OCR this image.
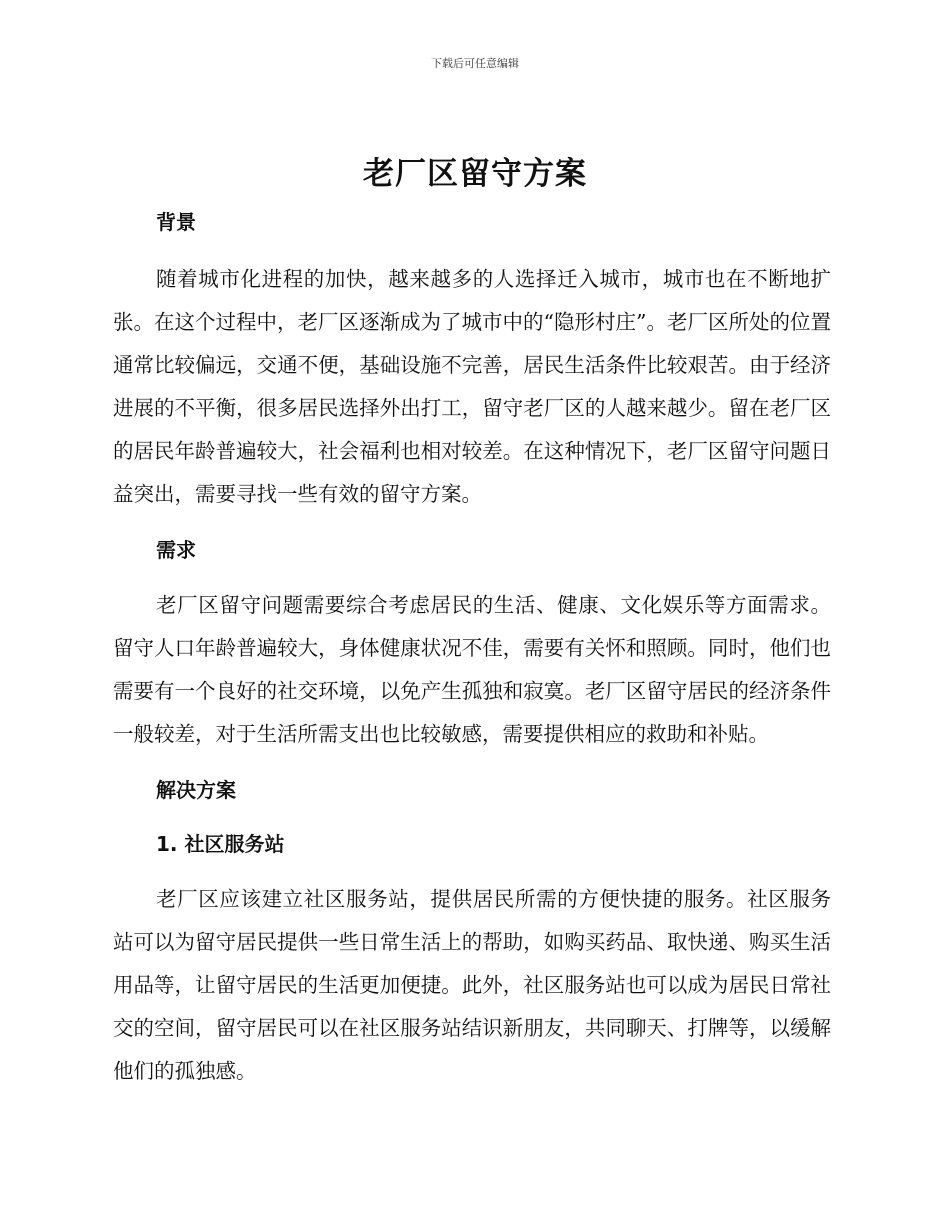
下载后可任意编辑
老厂区留守方案

背景

随着城市化进程的加快，越来越多的人选择迁入城市，城市也在不断地扩张。在这个过程中，老厂区逐渐成为了城市中的“隐形村庄”。老厂区所处的位置通常比较偏远，交通不便，基础设施不完善，居民生活条件比较艰苦。由于经济进展的不平衡，很多居民选择外出打工，留守老厂区的人越来越少。留在老厂区的居民年龄普遍较大，社会福利也相对较差。在这种情况下，老厂区留守问题日益突出，需要寻找一些有效的留守方案。

需求

老厂区留守问题需要综合考虑居民的生活、健康、文化娱乐等方面需求。留守人口年龄普遍较大，身体健康状况不佳，需要有关怀和照顾。同时，他们也需要有一个良好的社交环境，以免产生孤独和寂寞。老厂区留守居民的经济条件一般较差，对于生活所需支出也比较敏感，需要提供相应的救助和补贴。

解决方案

1. 社区服务站

老厂区应该建立社区服务站，提供居民所需的方便快捷的服务。社区服务站可以为留守居民提供一些日常生活上的帮助，如购买药品、取快递、购买生活用品等，让留守居民的生活更加便捷。此外，社区服务站也可以成为居民日常社交的空间，留守居民可以在社区服务站结识新朋友，共同聊天、打牌等，以缓解他们的孤独感。
